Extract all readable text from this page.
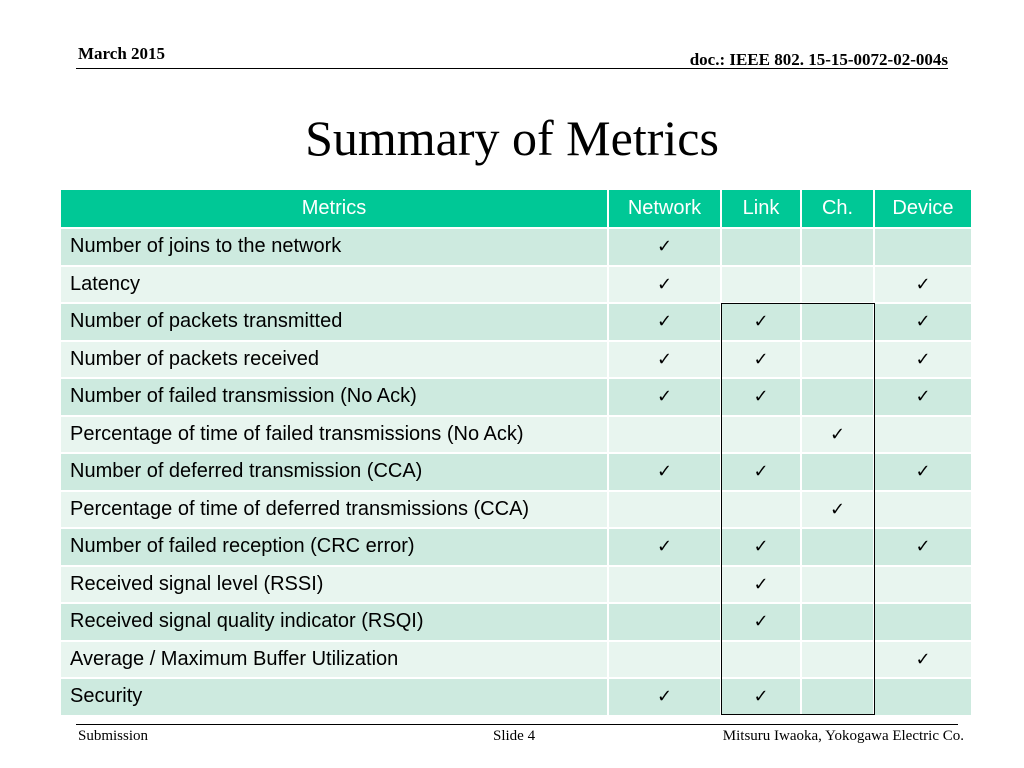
March 2015	doc.: IEEE 802. 15-15-0072-02-004s
Summary of Metrics
Metrics	Network	Link	Ch.	Device
Number of joins to the network	✓			
Latency	✓			✓
Number of packets transmitted	✓	✓		✓
Number of packets received	✓	✓		✓
Number of failed transmission (No Ack)	✓	✓		✓
Percentage of time of failed transmissions (No Ack)			✓	
Number of deferred transmission (CCA)	✓	✓		✓
Percentage of time of deferred transmissions (CCA)			✓	
Number of failed reception (CRC error)	✓	✓		✓
Received signal level (RSSI)		✓		
Received signal quality indicator (RSQI)		✓		
Average / Maximum Buffer Utilization				✓
Security	✓	✓		
Submission	Slide 4	Mitsuru Iwaoka, Yokogawa Electric Co.
